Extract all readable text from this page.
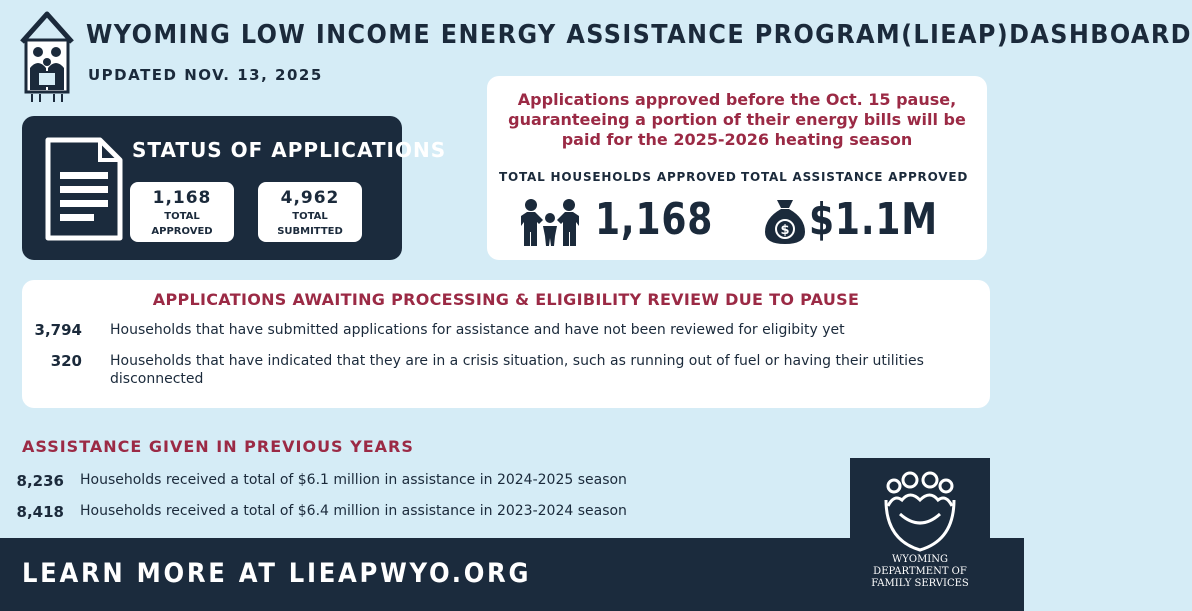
WYOMING LOW INCOME ENERGY ASSISTANCE PROGRAM(LIEAP)DASHBOARD
UPDATED NOV. 13, 2025
STATUS OF APPLICATIONS
1,168
TOTAL
APPROVED
4,962
TOTAL
SUBMITTED
Applications approved before the Oct. 15 pause, guaranteeing a portion of their energy bills will be paid for the 2025-2026 heating season
TOTAL HOUSEHOLDS APPROVED TOTAL ASSISTANCE APPROVED
1,168	$ $1.1M
APPLICATIONS AWAITING PROCESSING & ELIGIBILITY REVIEW DUE TO PAUSE
3,794 Households that have submitted applications for assistance and have not been reviewed for eligibity yet
320 Households that have indicated that they are in a crisis situation, such as running out of fuel or having their utilities disconnected
ASSISTANCE GIVEN IN PREVIOUS YEARS
8,236 Households received a total of $6.1 million in assistance in 2024-2025 season
8,418 Households received a total of $6.4 million in assistance in 2023-2024 season
LEARN MORE AT LIEAPWYO.ORG	WYOMING
DEPARTMENT OF
FAMILY SERVICES
